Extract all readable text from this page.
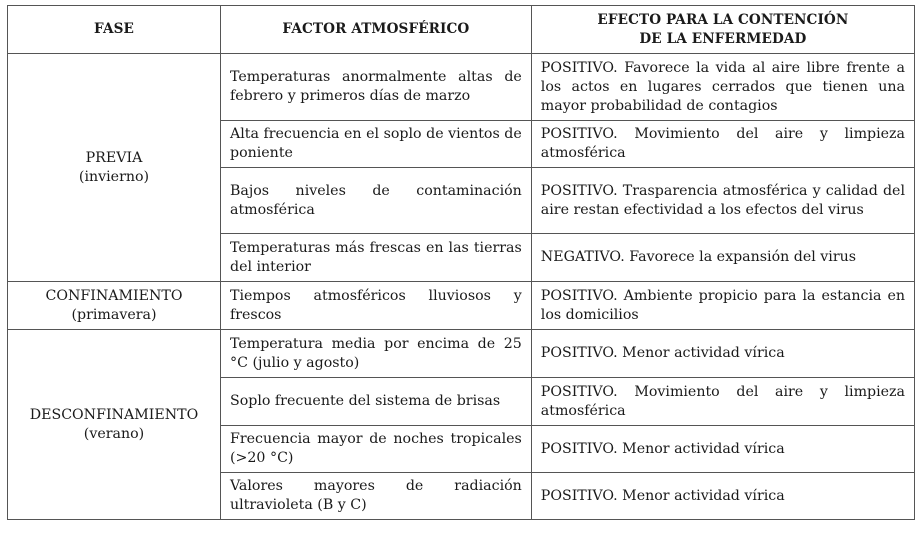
FASE	FACTOR ATMOSFÉRICO	EFECTO PARA LA CONTENCIÓN
DE LA ENFERMEDAD

PREVIA
(invierno)	Temperaturas anormalmente altas de febrero y primeros días de marzo	POSITIVO. Favorece la vida al aire libre frente a los actos en lugares cerrados que tienen una mayor probabilidad de contagios
	Alta frecuencia en el soplo de vientos de poniente	POSITIVO. Movimiento del aire y limpieza atmosférica
	Bajos niveles de contaminación atmosférica	POSITIVO. Trasparencia atmosférica y calidad del aire restan efectividad a los efectos del virus
	Temperaturas más frescas en las tierras del interior	NEGATIVO. Favorece la expansión del virus

CONFINAMIENTO
(primavera)	Tiempos atmosféricos lluviosos y frescos	POSITIVO. Ambiente propicio para la estancia en los domicilios

DESCONFINAMIENTO
(verano)	Temperatura media por encima de 25 °C (julio y agosto)	POSITIVO. Menor actividad vírica
	Soplo frecuente del sistema de brisas	POSITIVO. Movimiento del aire y limpieza atmosférica
	Frecuencia mayor de noches tropicales (>20 °C)	POSITIVO. Menor actividad vírica
	Valores mayores de radiación ultravioleta (B y C)	POSITIVO. Menor actividad vírica
